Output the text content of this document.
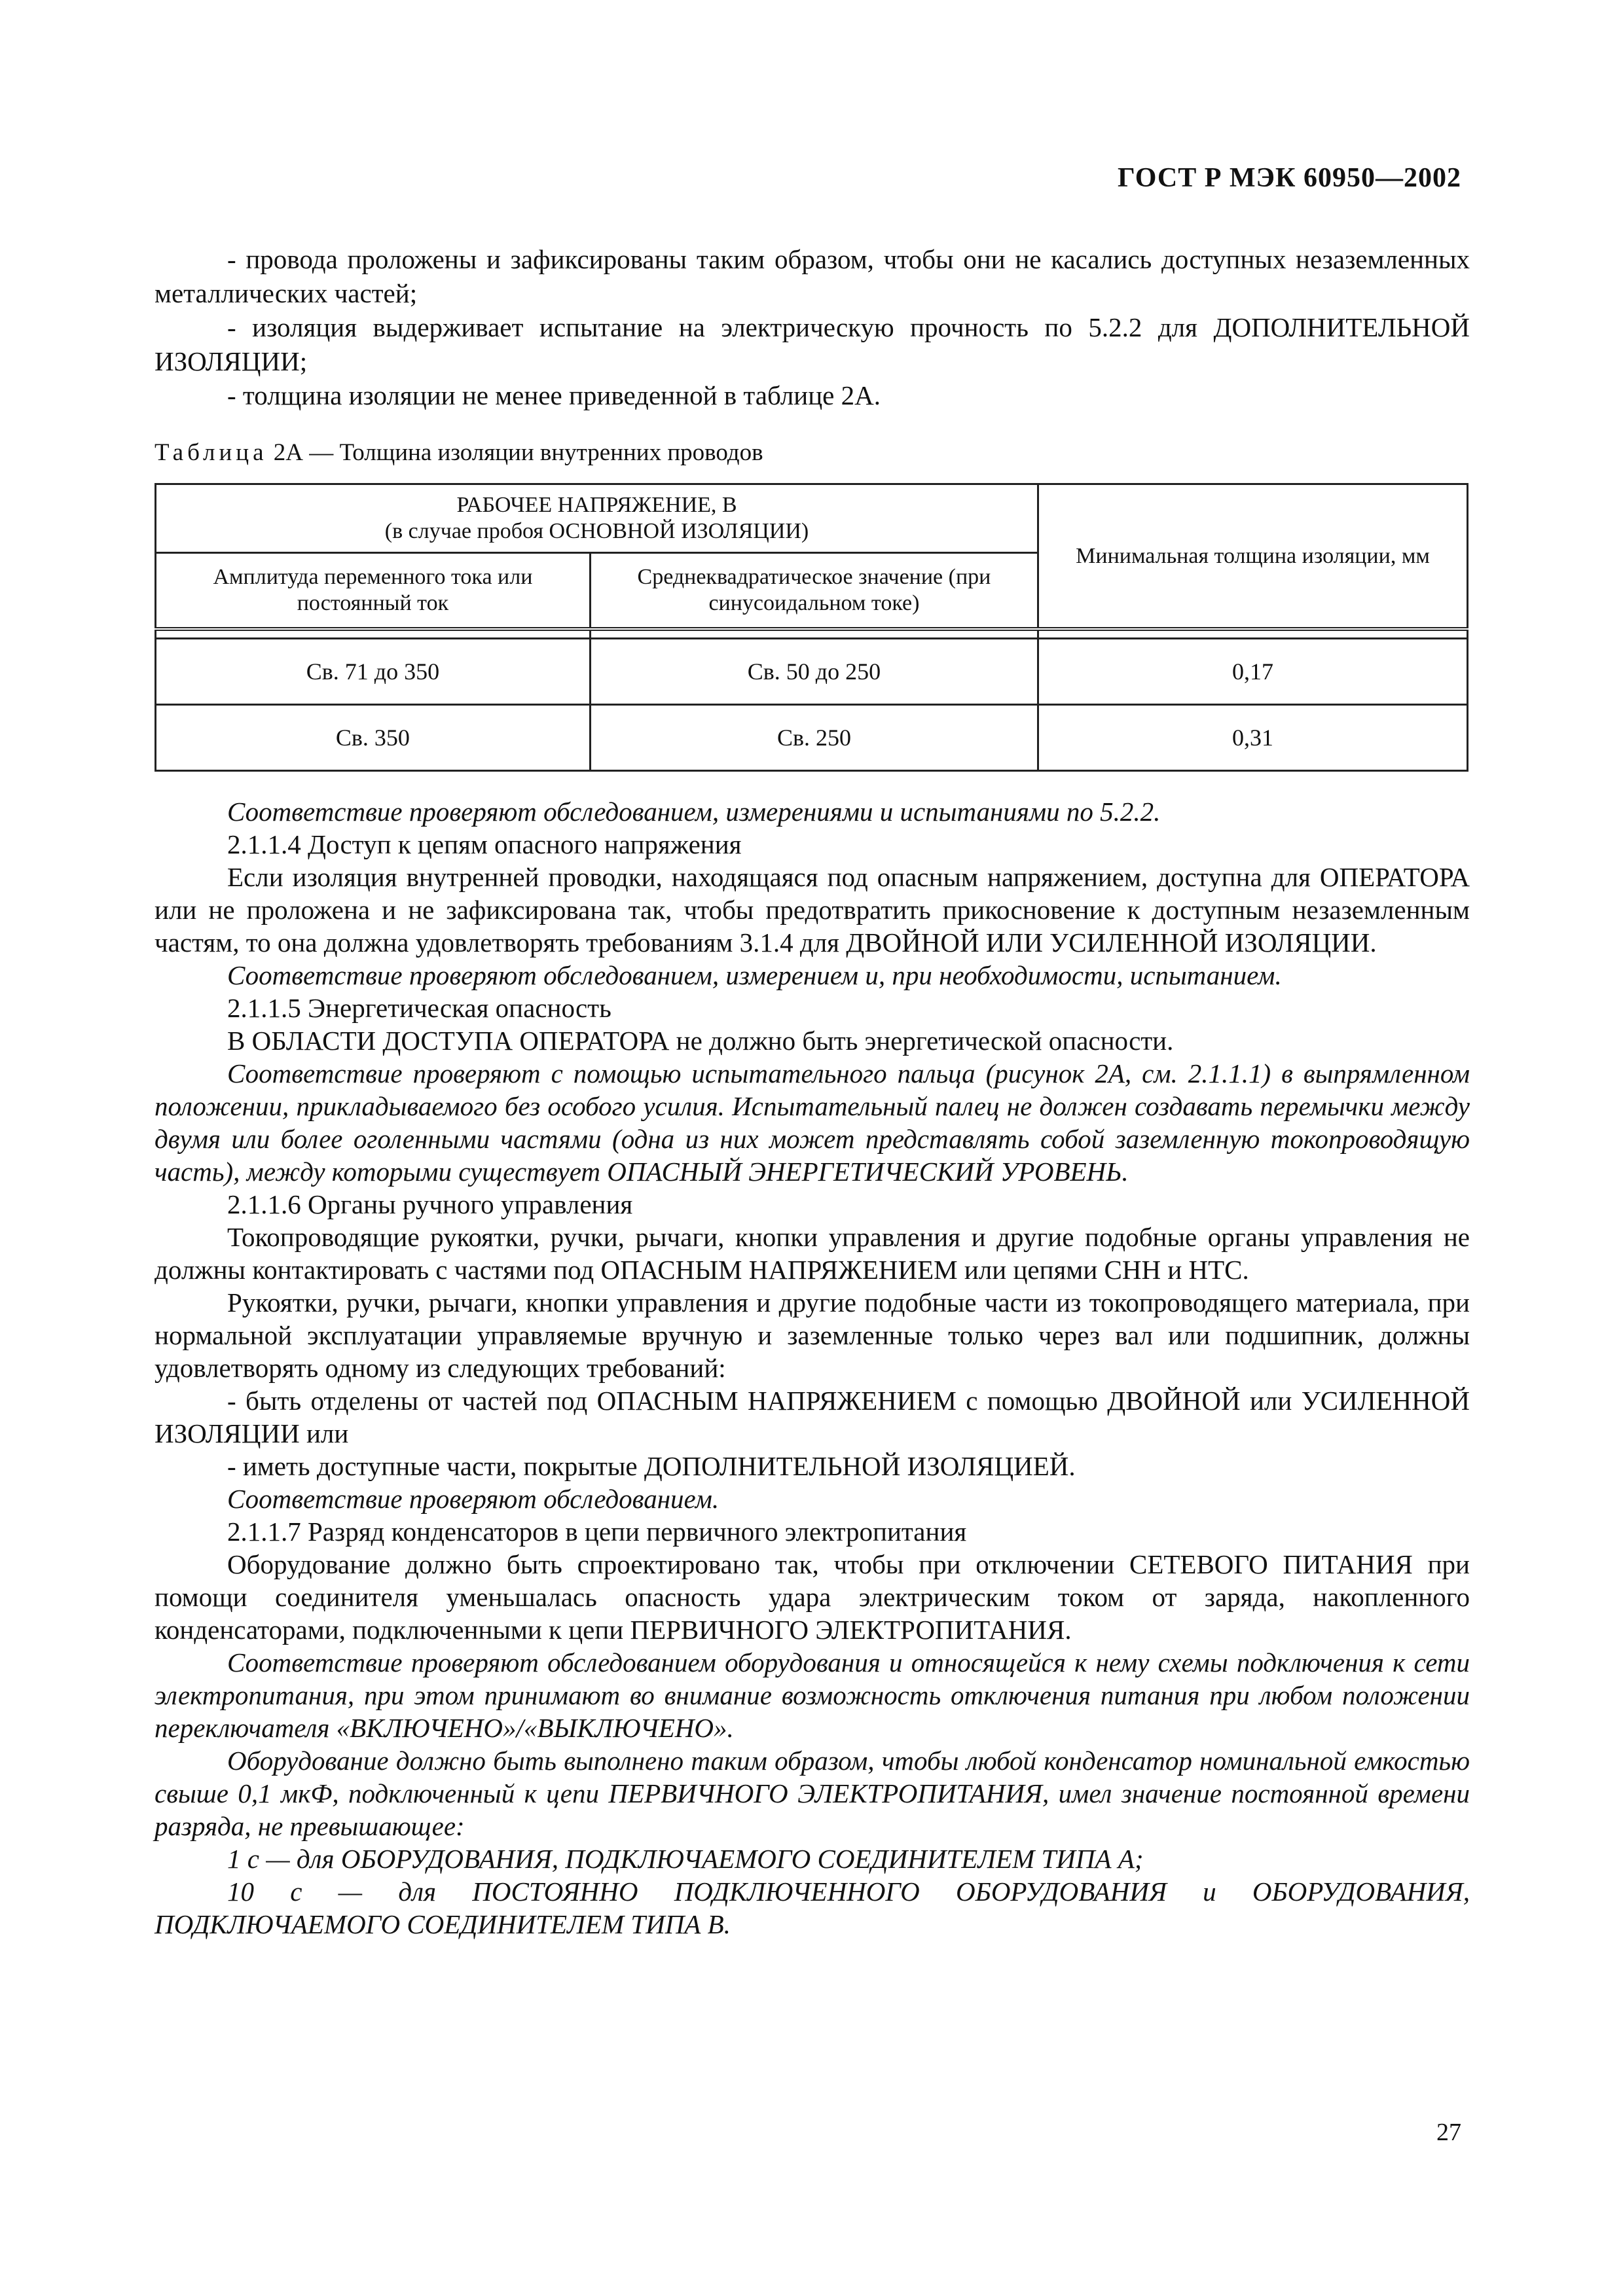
ГОСТ Р МЭК 60950—2002

- провода проложены и зафиксированы таким образом, чтобы они не касались доступных незаземленных металлических частей;

- изоляция выдерживает испытание на электрическую прочность по 5.2.2 для ДОПОЛНИТЕЛЬНОЙ ИЗОЛЯЦИИ;

- толщина изоляции не менее приведенной в таблице 2А.

Таблица 2А — Толщина изоляции внутренних проводов
РАБОЧЕЕ НАПРЯЖЕНИЕ, В
(в случае пробоя ОСНОВНОЙ ИЗОЛЯЦИИ)		Минимальная толщина изоляции, мм
Амплитуда переменного тока или постоянный ток	Среднеквадратическое значение (при синусоидальном токе)	

Св. 71 до 350	Св. 50 до 250	0,17
Св. 350	Св. 250	0,31

Соответствие проверяют обследованием, измерениями и испытаниями по 5.2.2.

2.1.1.4 Доступ к цепям опасного напряжения

Если изоляция внутренней проводки, находящаяся под опасным напряжением, доступна для ОПЕРАТОРА или не проложена и не зафиксирована так, чтобы предотвратить прикосновение к доступным незаземленным частям, то она должна удовлетворять требованиям 3.1.4 для ДВОЙНОЙ ИЛИ УСИЛЕННОЙ ИЗОЛЯЦИИ.

Соответствие проверяют обследованием, измерением и, при необходимости, испытанием.

2.1.1.5 Энергетическая опасность

В ОБЛАСТИ ДОСТУПА ОПЕРАТОРА не должно быть энергетической опасности.

Соответствие проверяют с помощью испытательного пальца (рисунок 2А, см. 2.1.1.1) в выпрямленном положении, прикладываемого без особого усилия. Испытательный палец не должен создавать перемычки между двумя или более оголенными частями (одна из них может представлять собой заземленную токопроводящую часть), между которыми существует ОПАСНЫЙ ЭНЕРГЕТИЧЕСКИЙ УРОВЕНЬ.

2.1.1.6 Органы ручного управления

Токопроводящие рукоятки, ручки, рычаги, кнопки управления и другие подобные органы управления не должны контактировать с частями под ОПАСНЫМ НАПРЯЖЕНИЕМ или цепями СНН и НТС.

Рукоятки, ручки, рычаги, кнопки управления и другие подобные части из токопроводящего материала, при нормальной эксплуатации управляемые вручную и заземленные только через вал или подшипник, должны удовлетворять одному из следующих требований:

- быть отделены от частей под ОПАСНЫМ НАПРЯЖЕНИЕМ с помощью ДВОЙНОЙ или УСИЛЕННОЙ ИЗОЛЯЦИИ или

- иметь доступные части, покрытые ДОПОЛНИТЕЛЬНОЙ ИЗОЛЯЦИЕЙ.

Соответствие проверяют обследованием.

2.1.1.7 Разряд конденсаторов в цепи первичного электропитания

Оборудование должно быть спроектировано так, чтобы при отключении СЕТЕВОГО ПИТАНИЯ при помощи соединителя уменьшалась опасность удара электрическим током от заряда, накопленного конденсаторами, подключенными к цепи ПЕРВИЧНОГО ЭЛЕКТРОПИТАНИЯ.

Соответствие проверяют обследованием оборудования и относящейся к нему схемы подключения к сети электропитания, при этом принимают во внимание возможность отключения питания при любом положении переключателя «ВКЛЮЧЕНО»/«ВЫКЛЮЧЕНО».

Оборудование должно быть выполнено таким образом, чтобы любой конденсатор номинальной емкостью свыше 0,1 мкФ, подключенный к цепи ПЕРВИЧНОГО ЭЛЕКТРОПИТАНИЯ, имел значение постоянной времени разряда, не превышающее:

1 с — для ОБОРУДОВАНИЯ, ПОДКЛЮЧАЕМОГО СОЕДИНИТЕЛЕМ ТИПА А;

10 с — для ПОСТОЯННО ПОДКЛЮЧЕННОГО ОБОРУДОВАНИЯ и ОБОРУДОВАНИЯ, ПОДКЛЮЧАЕМОГО СОЕДИНИТЕЛЕМ ТИПА В.

27
